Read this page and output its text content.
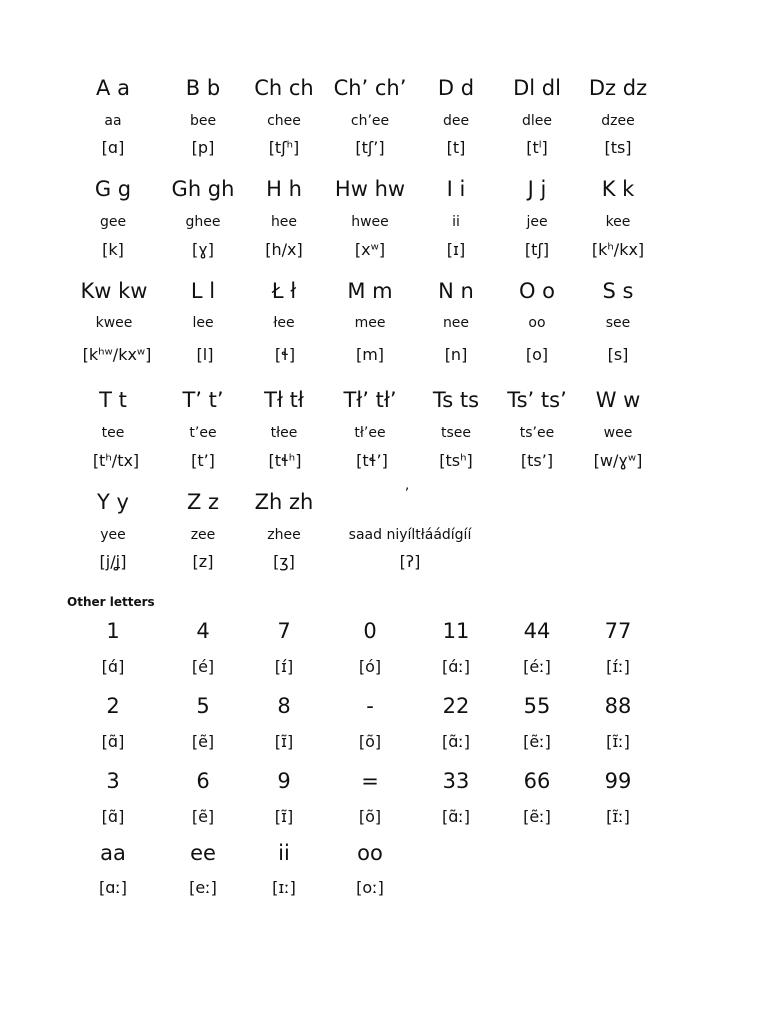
A a
aa
[ɑ]
B b
bee
[p]
Ch ch
chee
[tʃʰ]
Ch’ ch’
ch’ee
[tʃ’]
D d
dee
[t]
Dl dl
dlee
[tˡ]
Dz dz
dzee
[ts]
G g
gee
[k]
Gh gh
ghee
[ɣ]
H h
hee
[h/x]
Hw hw
hwee
[xʷ]
I i
ii
[ɪ]
J j
jee
[tʃ]
K k
kee
[kʰ/kx]
Kw kw
kwee
[kʰʷ/kxʷ]
L l
lee
[l]
Ł ł
łee
[ɬ]
M m
mee
[m]
N n
nee
[n]
O o
oo
[o]
S s
see
[s]
T t
tee
[tʰ/tx]
T’ t’
t’ee
[t’]
Tł tł
tłee
[tɬʰ]
Tł’ tł’
tł’ee
[tɬ’]
Ts ts
tsee
[tsʰ]
Ts’ ts’
ts’ee
[ts’]
W w
wee
[w/ɣʷ]
Y y
yee
[j/ʝ]
Z z
zee
[z]
Zh zh
zhee
[ʒ]
’
saad niyíltłáádígíí
[ʔ]
Other letters
1
[ɑ́]
4
[é]
7
[ɪ́]
0
[ó]
11
[ɑ́ː]
44
[éː]
77
[ɪ́ː]
2
[ɑ̃]
5
[ẽ]
8
[ɪ̃]
-
[õ]
22
[ɑ̃ː]
55
[ẽː]
88
[ɪ̃ː]
3
[ɑ̃]
6
[ẽ]
9
[ɪ̃]
=
[õ]
33
[ɑ̃ː]
66
[ẽː]
99
[ɪ̃ː]
aa
[ɑː]
ee
[eː]
ii
[ɪː]
oo
[oː]
